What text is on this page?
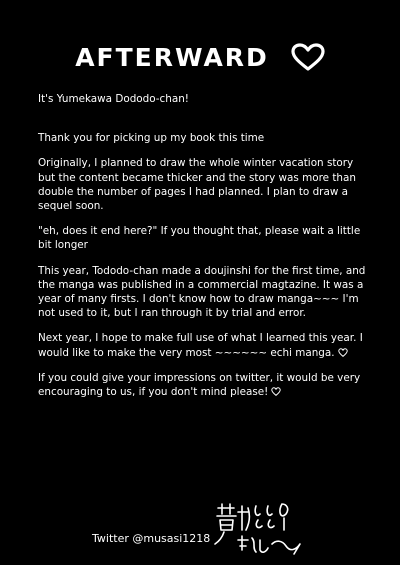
AFTERWARD

It's Yumekawa Dododo-chan!

Thank you for picking up my book this time

Originally, I planned to draw the whole winter vacation story but the content became thicker and the story was more than double the number of pages I had planned. I plan to draw a sequel soon.

"eh, does it end here?" If you thought that, please wait a little bit longer

This year, Tododo-chan made a doujinshi for the first time, and the manga was published in a commercial magtazine. It was a year of many firsts. I don't know how to draw manga~~~ I'm not used to it, but I ran through it by trial and error.

Next year, I hope to make full use of what I learned this year. I would like to make the very most ~~~~~~ echi manga.

If you could give your impressions on twitter, it would be very encouraging to us, if you don't mind please!

Twitter @musasi1218
